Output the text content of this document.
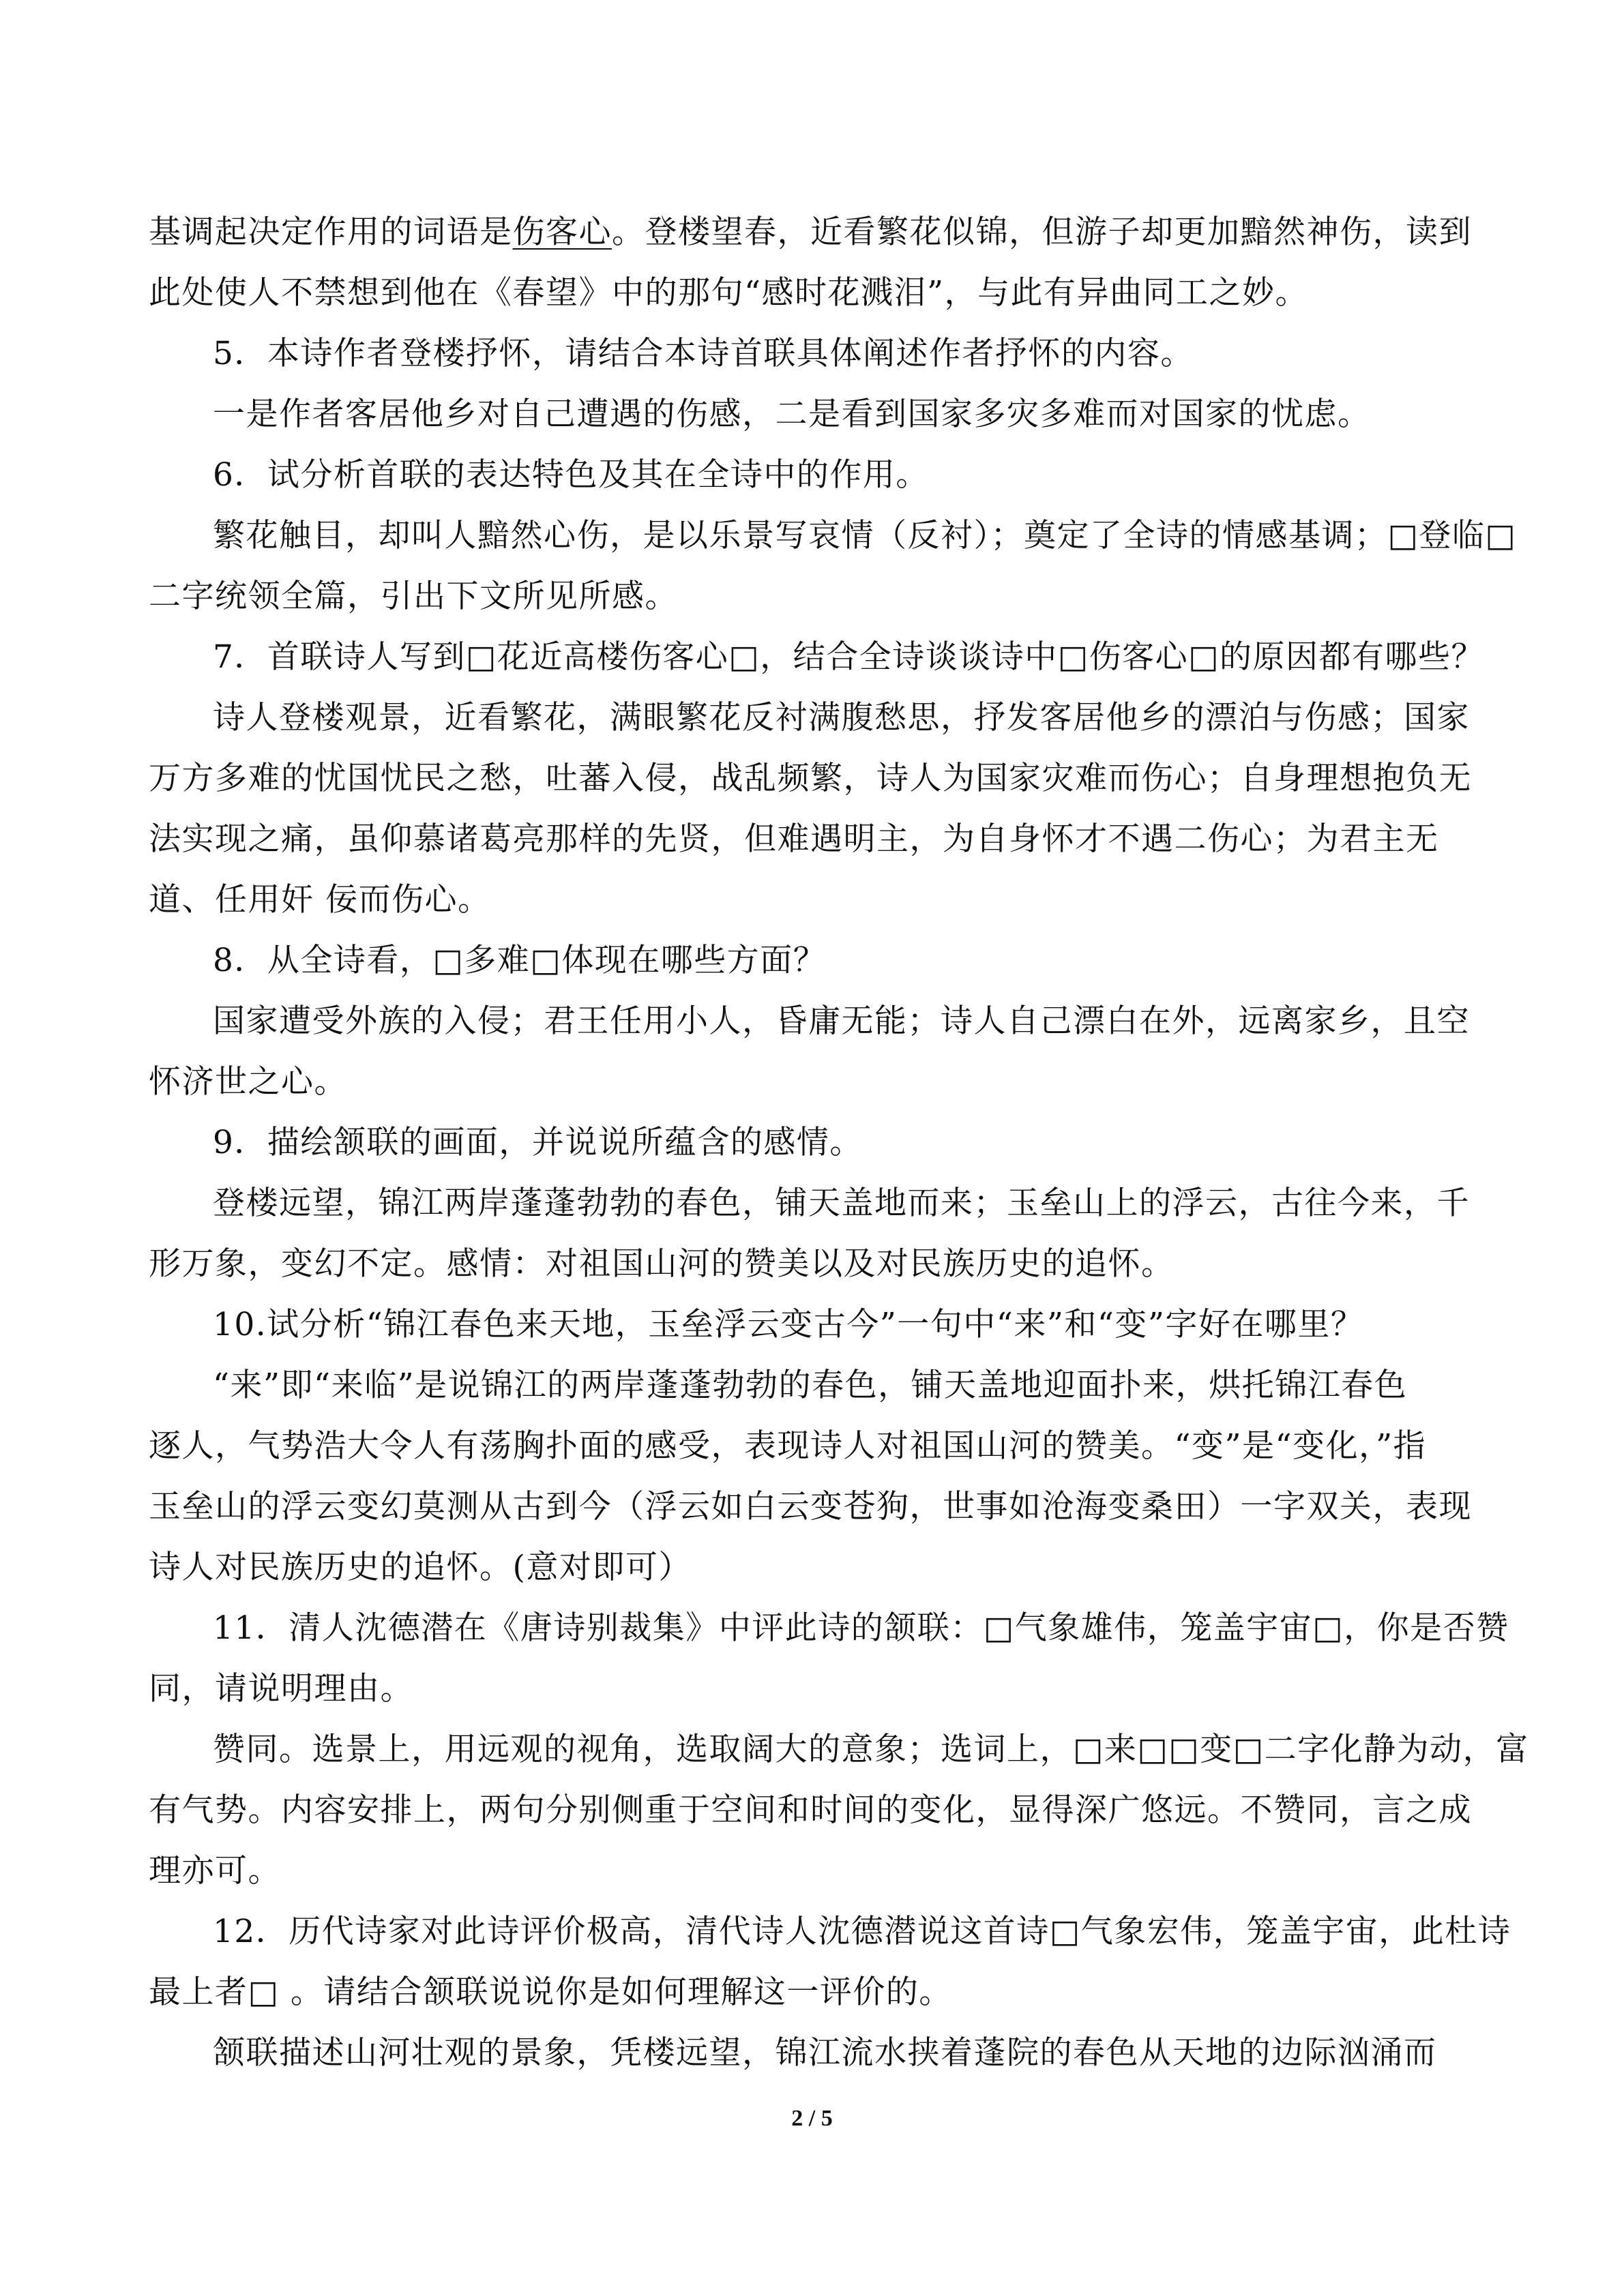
基调起决定作用的词语是伤客心。登楼望春，近看繁花似锦，但游子却更加黯然神伤，读到
此处使人不禁想到他在《春望》中的那句“感时花溅泪”，与此有异曲同工之妙。
5．本诗作者登楼抒怀，请结合本诗首联具体阐述作者抒怀的内容。
一是作者客居他乡对自己遭遇的伤感，二是看到国家多灾多难而对国家的忧虑。
6．试分析首联的表达特色及其在全诗中的作用。
繁花触目，却叫人黯然心伤，是以乐景写哀情（反衬）；奠定了全诗的情感基调；□登临□
二字统领全篇，引出下文所见所感。
7．首联诗人写到□花近高楼伤客心□，结合全诗谈谈诗中□伤客心□的原因都有哪些？
诗人登楼观景，近看繁花，满眼繁花反衬满腹愁思，抒发客居他乡的漂泊与伤感；国家
万方多难的忧国忧民之愁，吐蕃入侵，战乱频繁，诗人为国家灾难而伤心；自身理想抱负无
法实现之痛，虽仰慕诸葛亮那样的先贤，但难遇明主，为自身怀才不遇二伤心；为君主无
道、任用奸 佞而伤心。
8．从全诗看，□多难□体现在哪些方面？
国家遭受外族的入侵；君王任用小人，昏庸无能；诗人自己漂白在外，远离家乡，且空
怀济世之心。
9．描绘颔联的画面，并说说所蕴含的感情。
登楼远望，锦江两岸蓬蓬勃勃的春色，铺天盖地而来；玉垒山上的浮云，古往今来，千
形万象，变幻不定。感情：对祖国山河的赞美以及对民族历史的追怀。
10.试分析“锦江春色来天地，玉垒浮云变古今”一句中“来”和“变”字好在哪里？
“来”即“来临”是说锦江的两岸蓬蓬勃勃的春色，铺天盖地迎面扑来，烘托锦江春色
逐人，气势浩大令人有荡胸扑面的感受，表现诗人对祖国山河的赞美。“变”是“变化，”指
玉垒山的浮云变幻莫测从古到今（浮云如白云变苍狗，世事如沧海变桑田）一字双关，表现
诗人对民族历史的追怀。(意对即可）
11．清人沈德潜在《唐诗别裁集》中评此诗的颔联：□气象雄伟，笼盖宇宙□，你是否赞
同，请说明理由。
赞同。选景上，用远观的视角，选取阔大的意象；选词上，□来□□变□二字化静为动，富
有气势。内容安排上，两句分别侧重于空间和时间的变化，显得深广悠远。不赞同，言之成
理亦可。
12．历代诗家对此诗评价极高，清代诗人沈德潜说这首诗□气象宏伟，笼盖宇宙，此杜诗
最上者□ 。请结合颔联说说你是如何理解这一评价的。
颔联描述山河壮观的景象，凭楼远望，锦江流水挟着蓬院的春色从天地的边际汹涌而
2 / 5
